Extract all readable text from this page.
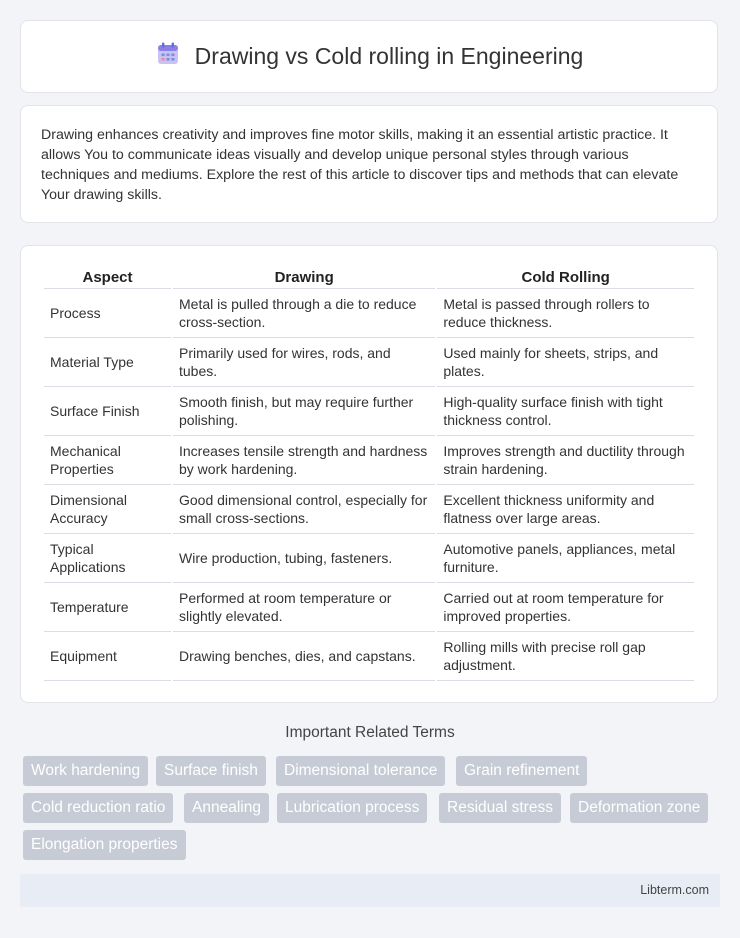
Drawing vs Cold rolling in Engineering

Drawing enhances creativity and improves fine motor skills, making it an essential artistic practice. It allows You to communicate ideas visually and develop unique personal styles through various techniques and mediums. Explore the rest of this article to discover tips and methods that can elevate Your drawing skills.

Aspect	Drawing	Cold Rolling
Process	Metal is pulled through a die to reduce cross-section.	Metal is passed through rollers to reduce thickness.
Material Type	Primarily used for wires, rods, and tubes.	Used mainly for sheets, strips, and plates.
Surface Finish	Smooth finish, but may require further polishing.	High-quality surface finish with tight thickness control.
Mechanical Properties	Increases tensile strength and hardness by work hardening.	Improves strength and ductility through strain hardening.
Dimensional Accuracy	Good dimensional control, especially for small cross-sections.	Excellent thickness uniformity and flatness over large areas.
Typical Applications	Wire production, tubing, fasteners.	Automotive panels, appliances, metal furniture.
Temperature	Performed at room temperature or slightly elevated.	Carried out at room temperature for improved properties.
Equipment	Drawing benches, dies, and capstans.	Rolling mills with precise roll gap adjustment.
Important Related Terms
Work hardening	Surface finish	Dimensional tolerance	Grain refinement
Cold reduction ratio	Annealing	Lubrication process	Residual stress	Deformation zone
Elongation properties
Libterm.com
